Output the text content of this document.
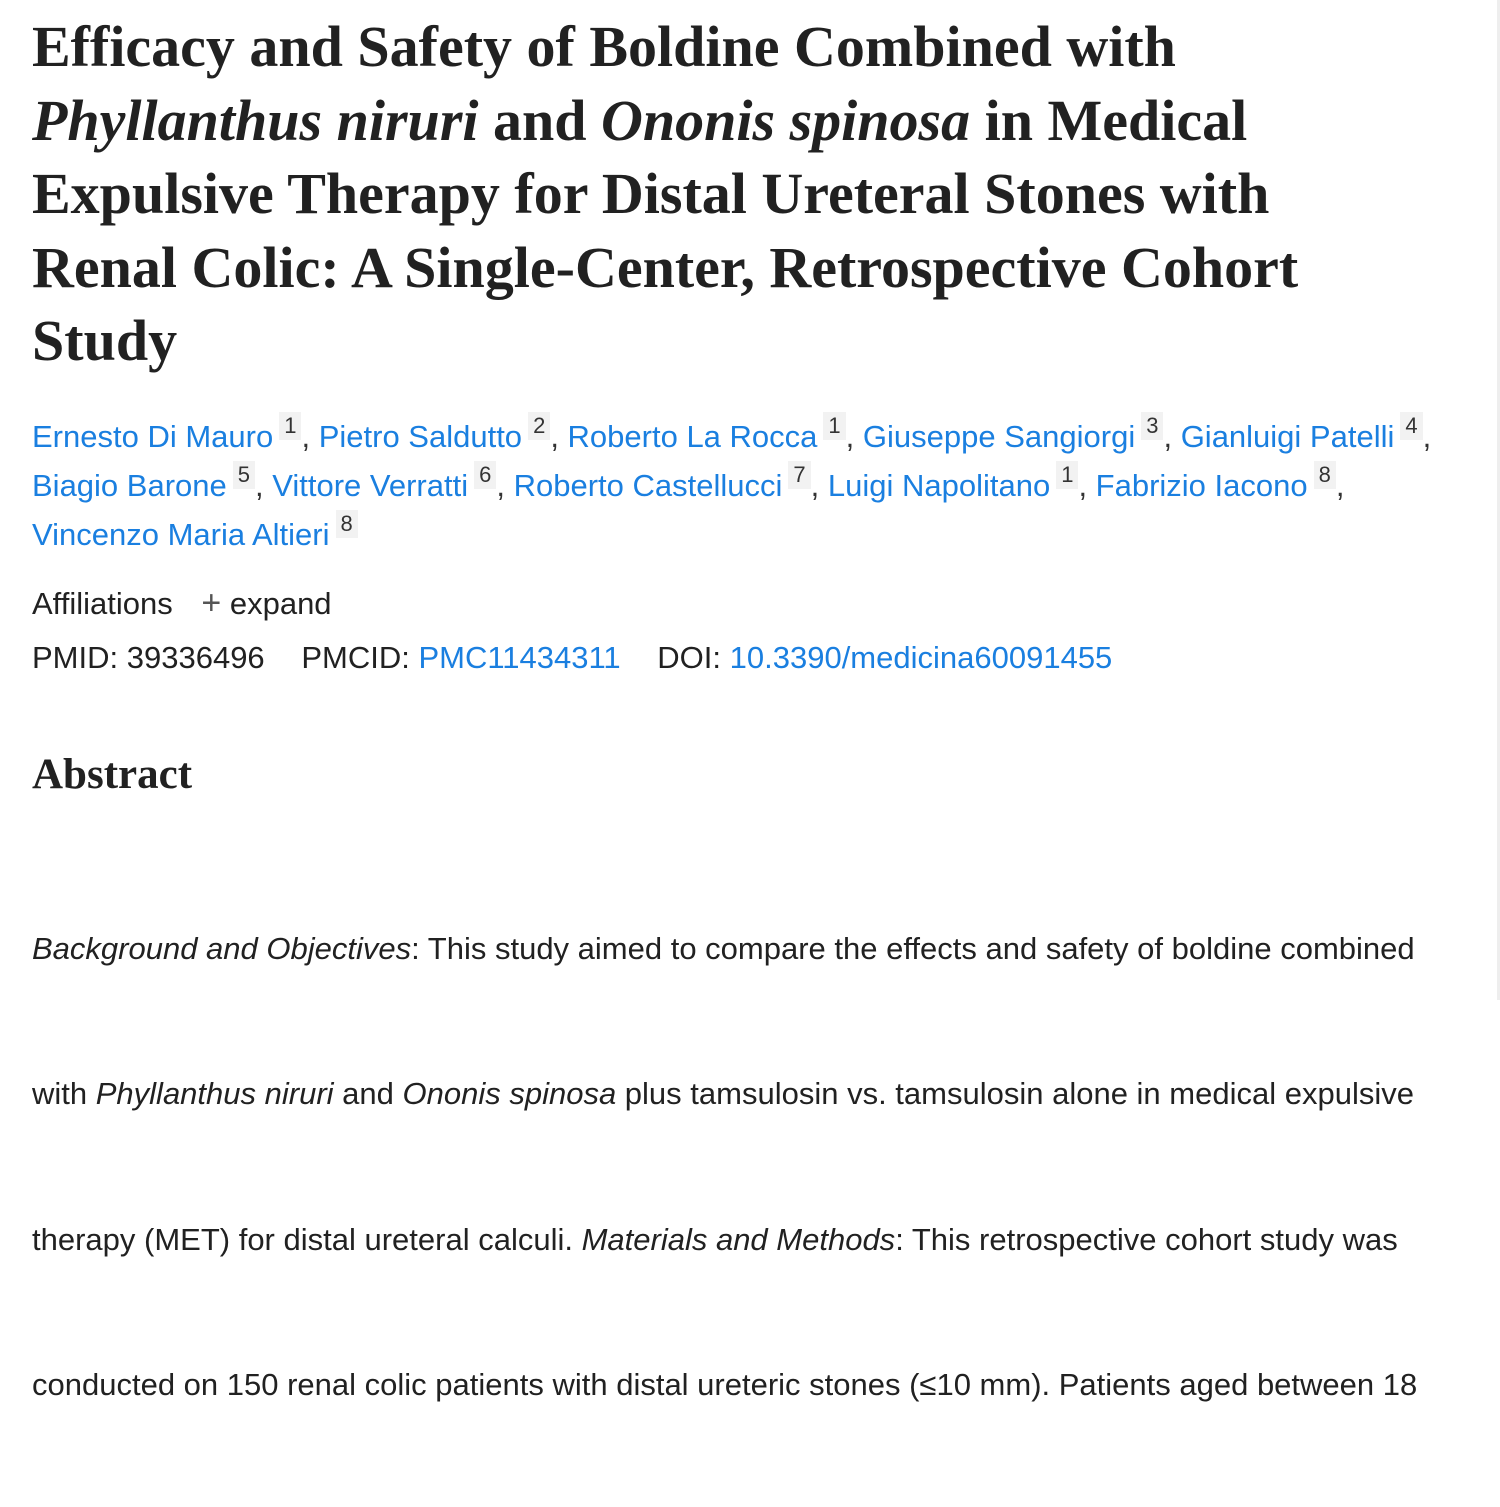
Efficacy and Safety of Boldine Combined with
Phyllanthus niruri and Ononis spinosa in Medical
Expulsive Therapy for Distal Ureteral Stones with
Renal Colic: A Single-Center, Retrospective Cohort
Study
Ernesto Di Mauro 1 , Pietro Saldutto 2 , Roberto La Rocca 1 , Giuseppe Sangiorgi 3 , Gianluigi Patelli 4 ,
Biagio Barone 5 , Vittore Verratti 6 , Roberto Castellucci 7 , Luigi Napolitano 1 , Fabrizio Iacono 8 ,
Vincenzo Maria Altieri 8
Affiliations + expand
PMID: 39336496 PMCID: PMC11434311 DOI: 10.3390/medicina60091455
Abstract

Background and Objectives: This study aimed to compare the effects and safety of boldine combined

with Phyllanthus niruri and Ononis spinosa plus tamsulosin vs. tamsulosin alone in medical expulsive

therapy (MET) for distal ureteral calculi. Materials and Methods: This retrospective cohort study was

conducted on 150 renal colic patients with distal ureteric stones (≤10 mm). Patients aged between 18
